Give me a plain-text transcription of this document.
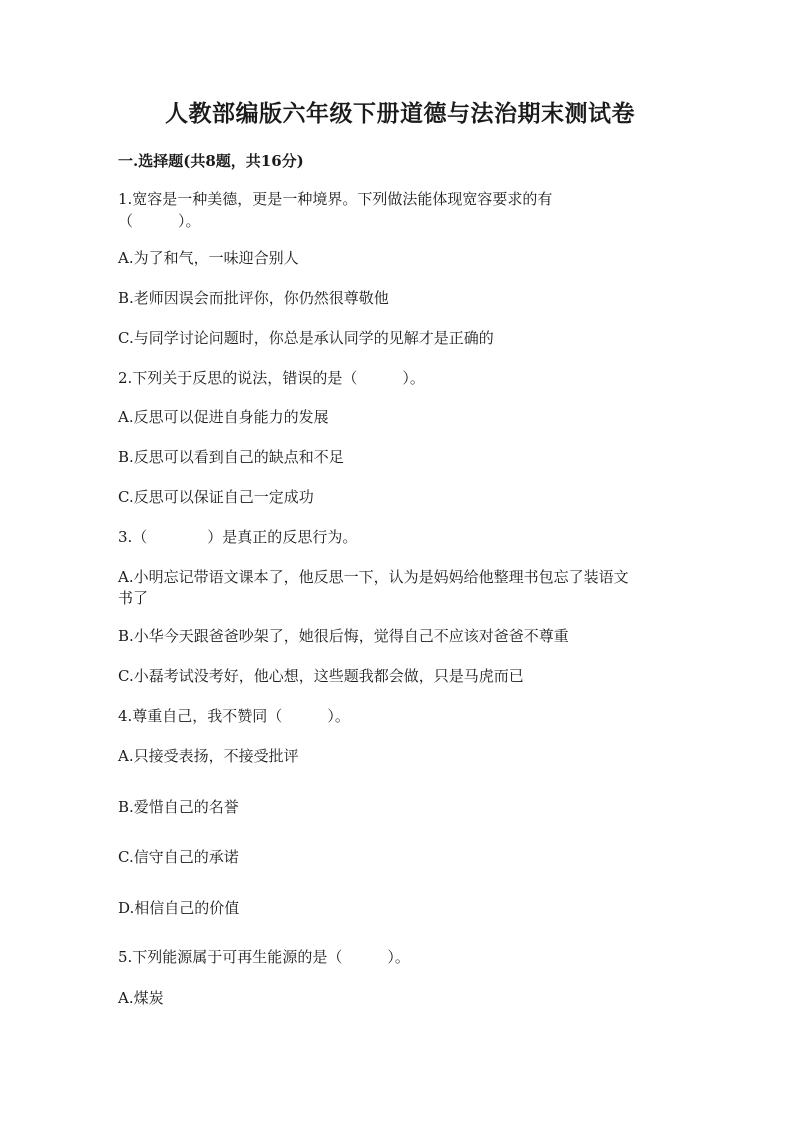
人教部编版六年级下册道德与法治期末测试卷
一.选择题(共8题，共16分)
1.宽容是一种美德，更是一种境界。下列做法能体现宽容要求的有
（　　　）。
A.为了和气，一味迎合别人
B.老师因误会而批评你，你仍然很尊敬他
C.与同学讨论问题时，你总是承认同学的见解才是正确的
2.下列关于反思的说法，错误的是（　　　）。
A.反思可以促进自身能力的发展
B.反思可以看到自己的缺点和不足
C.反思可以保证自己一定成功
3.（　　　　）是真正的反思行为。
A.小明忘记带语文课本了，他反思一下，认为是妈妈给他整理书包忘了装语文
书了
B.小华今天跟爸爸吵架了，她很后悔，觉得自己不应该对爸爸不尊重
C.小磊考试没考好，他心想，这些题我都会做，只是马虎而已
4.尊重自己，我不赞同（　　　）。
A.只接受表扬，不接受批评
B.爱惜自己的名誉
C.信守自己的承诺
D.相信自己的价值
5.下列能源属于可再生能源的是（　　　）。
A.煤炭
